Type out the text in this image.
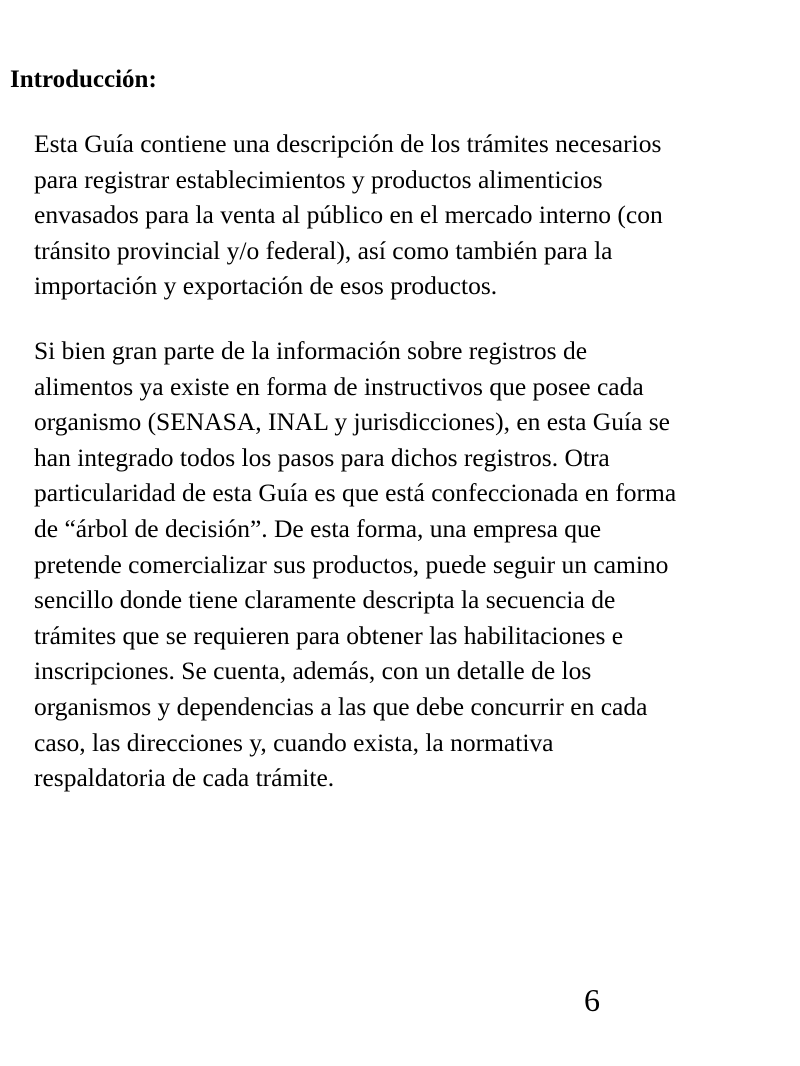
Introducción:

Esta Guía contiene una descripción de los trámites necesarios
para registrar establecimientos y productos alimenticios
envasados para la venta al público en el mercado interno (con
tránsito provincial y/o federal), así como también para la
importación y exportación de esos productos.

Si bien gran parte de la información sobre registros de
alimentos ya existe en forma de instructivos que posee cada
organismo (SENASA, INAL y jurisdicciones), en esta Guía se
han integrado todos los pasos para dichos registros. Otra
particularidad de esta Guía es que está confeccionada en forma
de “árbol de decisión”. De esta forma, una empresa que
pretende comercializar sus productos, puede seguir un camino
sencillo donde tiene claramente descripta la secuencia de
trámites que se requieren para obtener las habilitaciones e
inscripciones. Se cuenta, además, con un detalle de los
organismos y dependencias a las que debe concurrir en cada
caso, las direcciones y, cuando exista, la normativa
respaldatoria de cada trámite.

6
